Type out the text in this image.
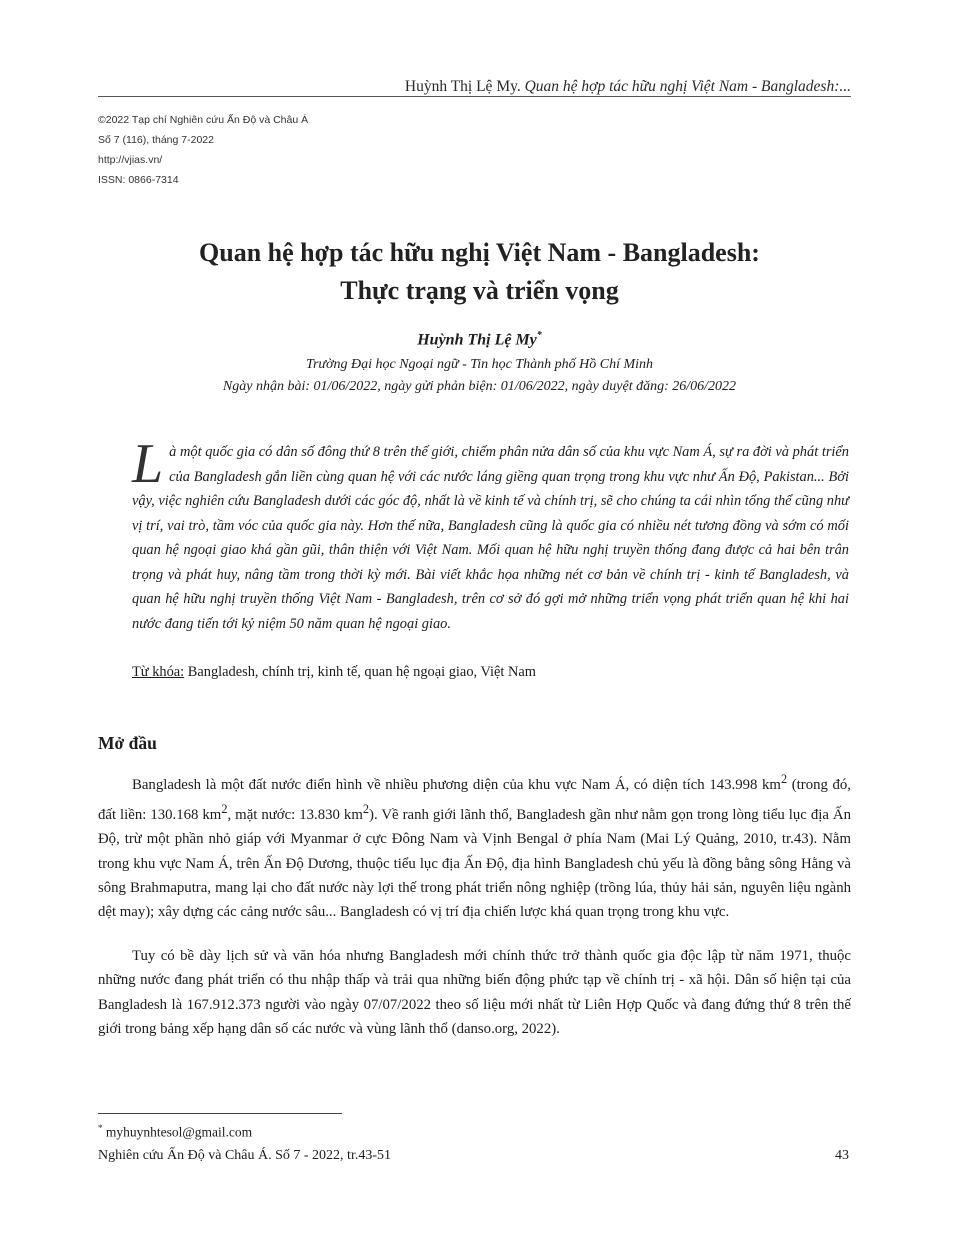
Huỳnh Thị Lệ My. Quan hệ hợp tác hữu nghị Việt Nam - Bangladesh:...
©2022 Tạp chí Nghiên cứu Ấn Độ và Châu Á
Số 7 (116), tháng 7-2022
http://vjias.vn/
ISSN: 0866-7314
Quan hệ hợp tác hữu nghị Việt Nam - Bangladesh:
Thực trạng và triển vọng
Huỳnh Thị Lệ My*
Trường Đại học Ngoại ngữ - Tin học Thành phố Hồ Chí Minh
Ngày nhận bài: 01/06/2022, ngày gửi phản biện: 01/06/2022, ngày duyệt đăng: 26/06/2022
Là một quốc gia có dân số đông thứ 8 trên thế giới, chiếm phân nửa dân số của khu vực Nam Á, sự ra đời và phát triển của Bangladesh gắn liền cùng quan hệ với các nước láng giềng quan trọng trong khu vực như Ấn Độ, Pakistan... Bởi vậy, việc nghiên cứu Bangladesh dưới các góc độ, nhất là về kinh tế và chính trị, sẽ cho chúng ta cái nhìn tổng thể cũng như vị trí, vai trò, tầm vóc của quốc gia này. Hơn thế nữa, Bangladesh cũng là quốc gia có nhiều nét tương đồng và sớm có mối quan hệ ngoại giao khá gần gũi, thân thiện với Việt Nam. Mối quan hệ hữu nghị truyền thống đang được cả hai bên trân trọng và phát huy, nâng tầm trong thời kỳ mới. Bài viết khắc họa những nét cơ bản về chính trị - kinh tế Bangladesh, và quan hệ hữu nghị truyền thống Việt Nam - Bangladesh, trên cơ sở đó gợi mở những triển vọng phát triển quan hệ khi hai nước đang tiến tới kỷ niệm 50 năm quan hệ ngoại giao.
Từ khóa: Bangladesh, chính trị, kinh tế, quan hệ ngoại giao, Việt Nam
Mở đầu

Bangladesh là một đất nước điển hình về nhiều phương diện của khu vực Nam Á, có diện tích 143.998 $km^2$ (trong đó, đất liền: 130.168 $km^2$, mặt nước: 13.830 $km^2$). Về ranh giới lãnh thổ, Bangladesh gần như nằm gọn trong lòng tiểu lục địa Ấn Độ, trừ một phần nhỏ giáp với Myanmar ở cực Đông Nam và Vịnh Bengal ở phía Nam (Mai Lý Quảng, 2010, tr.43). Nằm trong khu vực Nam Á, trên Ấn Độ Dương, thuộc tiểu lục địa Ấn Độ, địa hình Bangladesh chủ yếu là đồng bằng sông Hằng và sông Brahmaputra, mang lại cho đất nước này lợi thế trong phát triển nông nghiệp (trồng lúa, thủy hải sản, nguyên liệu ngành dệt may); xây dựng các cảng nước sâu... Bangladesh có vị trí địa chiến lược khá quan trọng trong khu vực.

Tuy có bề dày lịch sử và văn hóa nhưng Bangladesh mới chính thức trở thành quốc gia độc lập từ năm 1971, thuộc những nước đang phát triển có thu nhập thấp và trải qua những biến động phức tạp về chính trị - xã hội. Dân số hiện tại của Bangladesh là 167.912.373 người vào ngày 07/07/2022 theo số liệu mới nhất từ Liên Hợp Quốc và đang đứng thứ 8 trên thế giới trong bảng xếp hạng dân số các nước và vùng lãnh thổ (danso.org, 2022).

* myhuynhtesol@gmail.com
Nghiên cứu Ấn Độ và Châu Á. Số 7 - 2022, tr.43-51	43
